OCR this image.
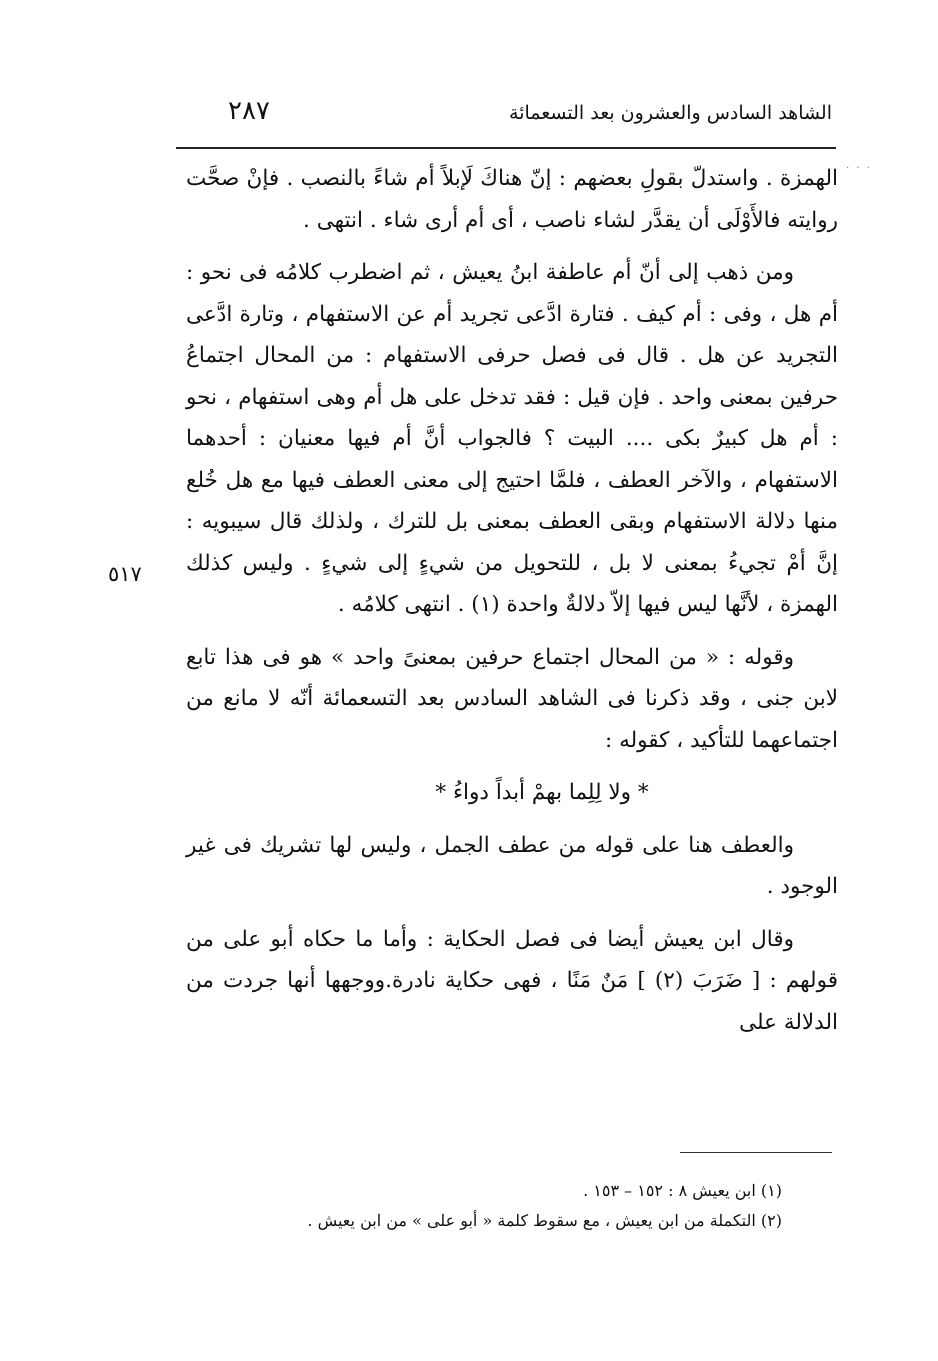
الشاهد السادس والعشرون بعد التسعمائة
٢٨٧
. . .

الهمزة . واستدلّ بقولِ بعضهم : إنّ هناكَ لَإبلاً أم شاءً بالنصب . فإنْ صحَّت روايته فالأَوْلَى أن يقدَّر لشاء ناصب ، أى أم أرى شاء . انتهى .

ومن ذهب إلى أنّ أم عاطفة ابنُ يعيش ، ثم اضطرب كلامُه فى نحو : أم هل ، وفى : أم كيف . فتارة ادَّعى تجريد أم عن الاستفهام ، وتارة ادَّعى التجريد عن هل . قال فى فصل حرفى الاستفهام : من المحال اجتماعُ حرفين بمعنى واحد . فإن قيل : فقد تدخل على هل أم وهى استفهام ، نحو : أم هل كبيرٌ بكى .... البيت ؟ فالجواب أنَّ أم فيها معنيان : أحدهما الاستفهام ، والآخر العطف ، فلمَّا احتيج إلى معنى العطف فيها مع هل خُلع منها دلالة الاستفهام وبقى العطف بمعنى بل للترك ، ولذلك قال سيبويه : إنَّ أمْ تجيءُ بمعنى لا بل ، للتحويل من شيءٍ إلى شيءٍ . وليس كذلك الهمزة ، لأنَّها ليس فيها إلاّ دلالةٌ واحدة (١) . انتهى كلامُه .

وقوله : « من المحال اجتماع حرفين بمعنىً واحد » هو فى هذا تابع لابن جنى ، وقد ذكرنا فى الشاهد السادس بعد التسعمائة أنّه لا مانع من اجتماعهما للتأكيد ، كقوله :

* ولا لِلِما بهمْ أبداً دواءُ *

والعطف هنا على قوله من عطف الجمل ، وليس لها تشريك فى غير الوجود .

وقال ابن يعيش أيضا فى فصل الحكاية : وأما ما حكاه أبو على من قولهم : [ ضَرَبَ (٢) ] مَنٌ مَنًا ، فهى حكاية نادرة.ووجهها أنها جردت من الدلالة على

٥١٧

(١) ابن يعيش ٨ : ١٥٢ – ١٥٣ .

(٢) التكملة من ابن يعيش ، مع سقوط كلمة « أبو على » من ابن يعيش .
